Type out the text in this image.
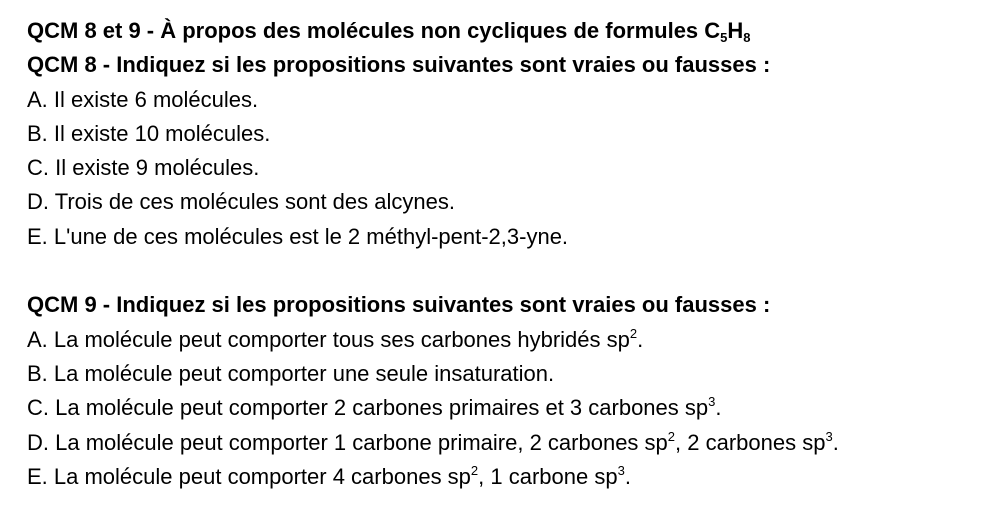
QCM 8 et 9 - À propos des molécules non cycliques de formules $C_5H_8$
QCM 8 - Indiquez si les propositions suivantes sont vraies ou fausses :
A. Il existe 6 molécules.
B. Il existe 10 molécules.
C. Il existe 9 molécules.
D. Trois de ces molécules sont des alcynes.
E. L'une de ces molécules est le 2 méthyl-pent-2,3-yne.
QCM 9 - Indiquez si les propositions suivantes sont vraies ou fausses :
A. La molécule peut comporter tous ses carbones hybridés $sp^2$.
B. La molécule peut comporter une seule insaturation.
C. La molécule peut comporter 2 carbones primaires et 3 carbones $sp^3$.
D. La molécule peut comporter 1 carbone primaire, 2 carbones $sp^2$, 2 carbones $sp^3$.
E. La molécule peut comporter 4 carbones $sp^2$, 1 carbone $sp^3$.
